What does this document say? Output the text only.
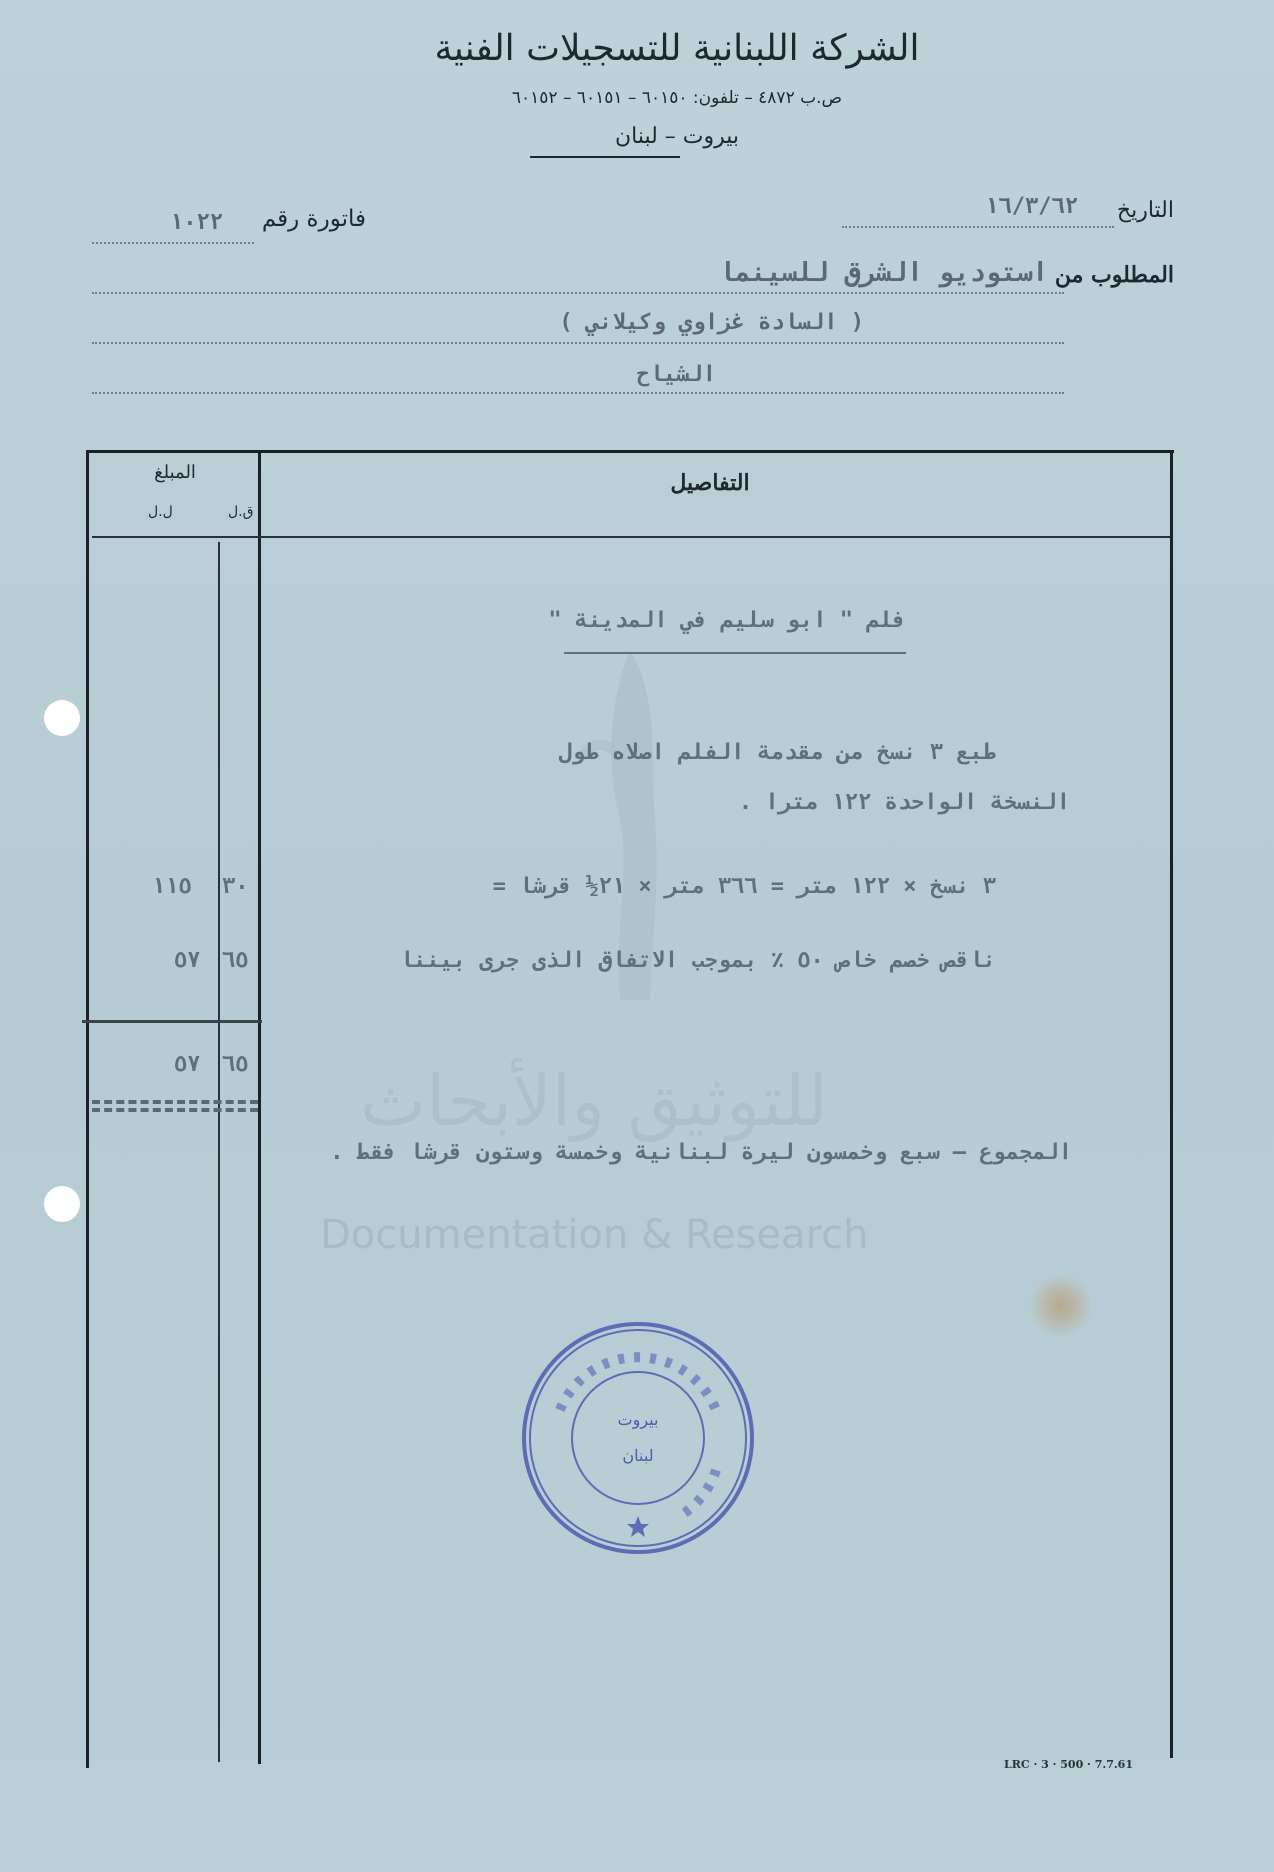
الشركة اللبنانية للتسجيلات الفنية
ص.ب ٤٨٧٢ – تلفون: ٦٠١٥٠ – ٦٠١٥١ – ٦٠١٥٢
بيروت – لبنان
التاريخ
١٦/٣/٦٢
فاتورة رقم
١٠٢٢
المطلوب من
استوديو الشرق للسينما
( السادة غزاوي وكيلاني )
الشياح
التفاصيل
المبلغ
ق.ل
ل.ل
للتوثيق والأبحاث
Documentation & Research
فلم " ابو سليم في المدينة "
طبع ٣ نسخ من مقدمة الفلم اصلاه طول
النسخة الواحدة ١٢٢ مترا .
٣ نسخ × ١٢٢ متر = ٣٦٦ متر × ٢١½ قرشا =
ناقص خصم خاص ٥٠ ٪ بموجب الاتفاق الذى جرى بيننا
١١٥ ٣٠
٥٧ ٦٥
٥٧ ٦٥
المجموع – سبع وخمسون ليرة لبنانية وخمسة وستون قرشا فقط .
بيروت
لبنان
LRC · 3 · 500 · 7.7.61
